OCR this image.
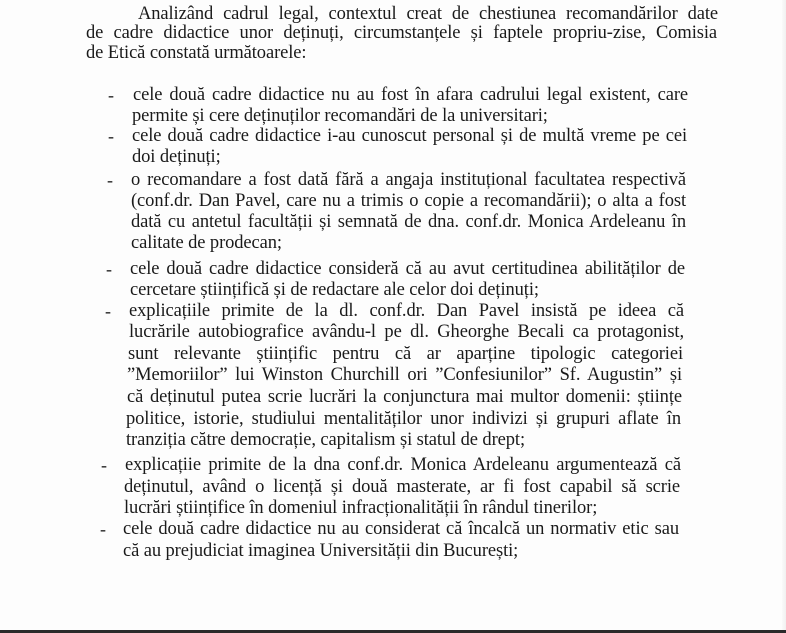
Analizând cadrul legal, contextul creat de chestiunea recomandărilor date
de cadre didactice unor deținuți, circumstanțele și faptele propriu-zise, Comisia
de Etică constată următoarele:
- cele două cadre didactice nu au fost în afara cadrului legal existent, care
permite și cere deținuților recomandări de la universitari;
- cele două cadre didactice i-au cunoscut personal și de multă vreme pe cei
doi deținuți;
- o recomandare a fost dată fără a angaja instituțional facultatea respectivă
(conf.dr. Dan Pavel, care nu a trimis o copie a recomandării); o alta a fost
dată cu antetul facultății și semnată de dna. conf.dr. Monica Ardeleanu în
calitate de prodecan;
- cele două cadre didactice consideră că au avut certitudinea abilităților de
cercetare științifică și de redactare ale celor doi deținuți;
- explicațiile primite de la dl. conf.dr. Dan Pavel insistă pe ideea că
lucrările autobiografice avându-l pe dl. Gheorghe Becali ca protagonist,
sunt relevante științific pentru că ar aparține tipologic categoriei
”Memoriilor” lui Winston Churchill ori ”Confesiunilor” Sf. Augustin” și
că deținutul putea scrie lucrări la conjunctura mai multor domenii: științe
politice, istorie, studiului mentalităților unor indivizi și grupuri aflate în
tranziția către democrație, capitalism și statul de drept;
- explicațiie primite de la dna conf.dr. Monica Ardeleanu argumentează că
deținutul, având o licență și două masterate, ar fi fost capabil să scrie
lucrări științifice în domeniul infracționalității în rândul tinerilor;
- cele două cadre didactice nu au considerat că încalcă un normativ etic sau
că au prejudiciat imaginea Universității din București;
